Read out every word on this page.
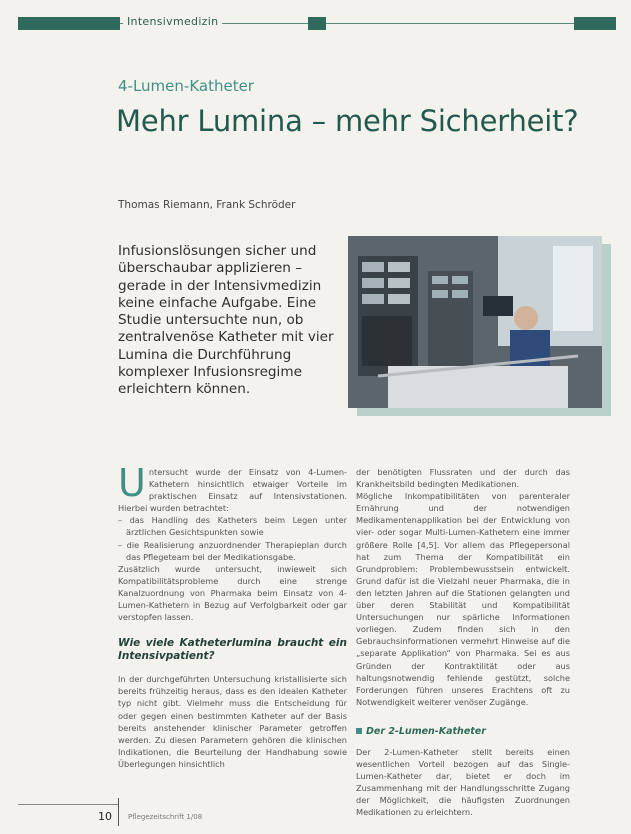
Intensivmedizin
4-Lumen-Katheter
Mehr Lumina – mehr Sicherheit?
Thomas Riemann, Frank Schröder
Infusionslösungen sicher und überschaubar applizieren – gerade in der Intensivmedizin keine einfache Aufgabe. Eine Studie untersuchte nun, ob zentralvenöse Katheter mit vier Lumina die Durchführung komplexer Infusionsregime erleichtern können.

Untersucht wurde der Einsatz von 4-Lumen-Kathetern hinsichtlich etwaiger Vorteile im praktischen Einsatz auf Intensivstationen. Hierbei wurden betrachtet:

– das Handling des Katheters beim Legen unter ärztlichen Gesichtspunkten sowie

– die Realisierung anzuordnender Therapieplan durch das Pflegeteam bei der Medikationsgabe.

Zusätzlich wurde untersucht, inwieweit sich Kompatibilitätsprobleme durch eine strenge Kanalzuordnung von Pharmaka beim Einsatz von 4-Lumen-Kathetern in Bezug auf Verfolgbarkeit oder gar verstopfen lassen.

Wie viele Katheterlumina braucht ein Intensivpatient?

In der durchgeführten Untersuchung kristallisierte sich bereits frühzeitig heraus, dass es den idealen Katheter typ nicht gibt. Vielmehr muss die Entscheidung für oder gegen einen bestimmten Katheter auf der Basis bereits anstehender klinischer Parameter getroffen werden. Zu diesen Parametern gehören die klinischen Indikationen, die Beurteilung der Handhabung sowie Überlegungen hinsichtlich

der benötigten Flussraten und der durch das Krankheitsbild bedingten Medikationen.

Mögliche Inkompatibilitäten von parenteraler Ernährung und der notwendigen Medikamentenapplikation bei der Entwicklung von vier- oder sogar Multi-Lumen-Kathetern eine immer größere Rolle [4,5]. Vor allem das Pflegepersonal hat zum Thema der Kompatibilität ein Grundproblem: Problembewusstsein entwickelt. Grund dafür ist die Vielzahl neuer Pharmaka, die in den letzten Jahren auf die Stationen gelangten und über deren Stabilität und Kompatibilität Untersuchungen nur spärliche Informationen vorliegen. Zudem finden sich in den Gebrauchsinformationen vermehrt Hinweise auf die „separate Applikation“ von Pharmaka. Sei es aus Gründen der Kontraktilität oder aus haltungsnotwendig fehlende gestützt, solche Forderungen führen unseres Erachtens oft zu Notwendigkeit weiterer venöser Zugänge.

Der 2-Lumen-Katheter

Der 2-Lumen-Katheter stellt bereits einen wesentlichen Vorteil bezogen auf das Single-Lumen-Katheter dar, bietet er doch im Zusammenhang mit der Handlungsschritte Zugang der Möglichkeit, die häufigsten Zuordnungen Medikationen zu erleichtern.

10 Pflegezeitschrift 1/08
